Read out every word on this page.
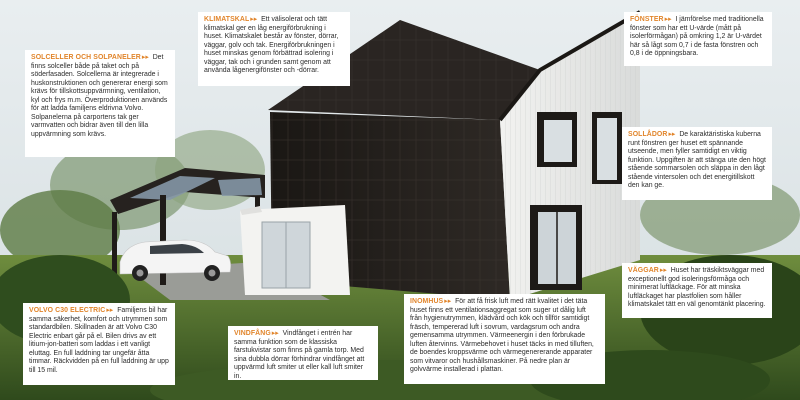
SOLCELLER OCH SOLPANELER▸▸ Det finns solceller både på taket och på söderfasaden. Solcellerna är integrerade i huskonstruktionen och genererar energi som krävs för tillskottsuppvärmning, ventilation, kyl och frys m.m. Överproduktionen används för att ladda familjens eldrivna Volvo. Solpanelerna på carportens tak ger varmvatten och bidrar även till den lilla uppvärmning som krävs.
KLIMATSKAL▸▸ Ett välisolerat och tätt klimatskal ger en låg energiförbrukning i huset. Klimatskalet består av fönster, dörrar, väggar, golv och tak. Energiförbrukningen i huset minskas genom förbättrad isolering i väggar, tak och i grunden samt genom att använda lågenergifönster och -dörrar.
FÖNSTER▸▸ I jämförelse med traditionella fönster som har ett U-värde (mått på isolerförmågan) på omkring 1,2 är U-värdet här så lågt som 0,7 i de fasta fönstren och 0,8 i de öppningsbara.
SOLLÅDOR▸▸ De karaktäristiska kuberna runt fönstren ger huset ett spännande utseende, men fyller samtidigt en viktig funktion. Uppgiften är att stänga ute den högt stående sommarsolen och släppa in den lågt stående vintersolen och det energitillskott den kan ge.
VÄGGAR▸▸ Huset har träskiktsväggar med exceptionellt god isoleringsförmåga och minimerat luftläckage. För att minska luftläckaget har plastfolien som håller klimatskalet tätt en väl genomtänkt placering.
VOLVO C30 ELECTRIC▸▸ Familjens bil har samma säkerhet, komfort och utrymmen som standardbilen. Skillnaden är att Volvo C30 Electric enbart går på el. Bilen drivs av ett litium-jon-batteri som laddas i ett vanligt eluttag. En full laddning tar ungefär åtta timmar. Räckvidden på en full laddning är upp till 15 mil.
VINDFÅNG▸▸ Vindfånget i entrén har samma funktion som de klassiska farstukvistar som finns på gamla torp. Med sina dubbla dörrar förhindrar vindfånget att uppvärmd luft smiter ut eller kall luft smiter in.
INOMHUS▸▸ För att få frisk luft med rätt kvalitet i det täta huset finns ett ventilationsaggregat som suger ut dålig luft från hygienutrymmen, klädvård och kök och tillför samtidigt fräsch, tempererad luft i sovrum, vardagsrum och andra gemensamma utrymmen. Värmeenergin i den förbrukade luften återvinns. Värmebehovet i huset täcks in med tilluften, de boendes kroppsvärme och värmegenererande apparater som vitvaror och hushållsmaskiner. På nedre plan är golvvärme installerad i plattan.
